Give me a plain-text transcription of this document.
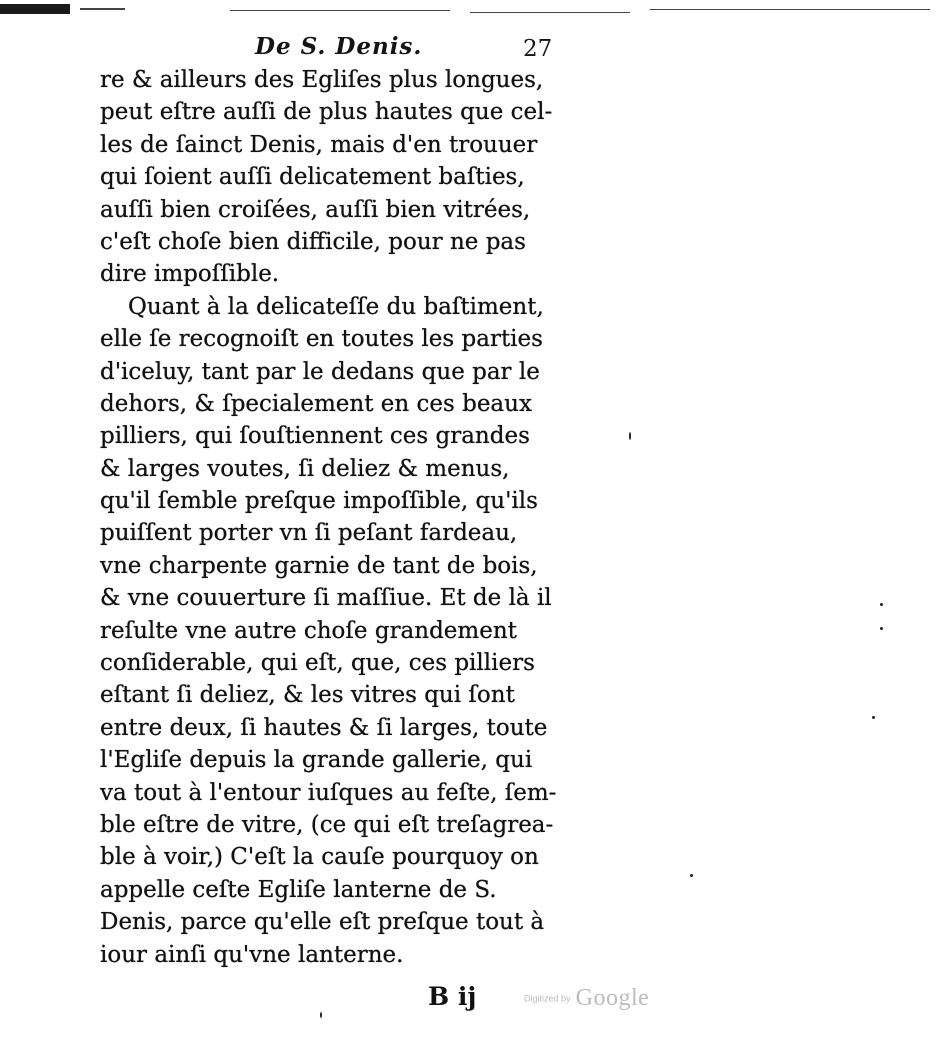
De S. Denis.	27
re & ailleurs des Egliſes plus longues,
peut eſtre auſſi de plus hautes que cel-
les de ſainct Denis, mais d'en trouuer
qui ſoient auſſi delicatement baſties,
auſſi bien croiſées, auſſi bien vitrées,
c'eſt choſe bien difficile, pour ne pas
dire impoſſible.
Quant à la delicateſſe du baſtiment,
elle ſe recognoiſt en toutes les parties
d'iceluy, tant par le dedans que par le
dehors, & ſpecialement en ces beaux
pilliers, qui ſouſtiennent ces grandes
& larges voutes, ſi deliez & menus,
qu'il ſemble preſque impoſſible, qu'ils
puiſſent porter vn ſi peſant fardeau,
vne charpente garnie de tant de bois,
& vne couuerture ſi maſſiue. Et de là il
reſulte vne autre choſe grandement
conſiderable, qui eſt, que, ces pilliers
eſtant ſi deliez, & les vitres qui ſont
entre deux, ſi hautes & ſi larges, toute
l'Egliſe depuis la grande gallerie, qui
va tout à l'entour iuſques au feſte, ſem-
ble eſtre de vitre, (ce qui eſt treſagrea-
ble à voir,) C'eſt la cauſe pourquoy on
appelle ceſte Egliſe lanterne de S.
Denis, parce qu'elle eſt preſque tout à
iour ainſi qu'vne lanterne.
B ij	Digitized by Google
